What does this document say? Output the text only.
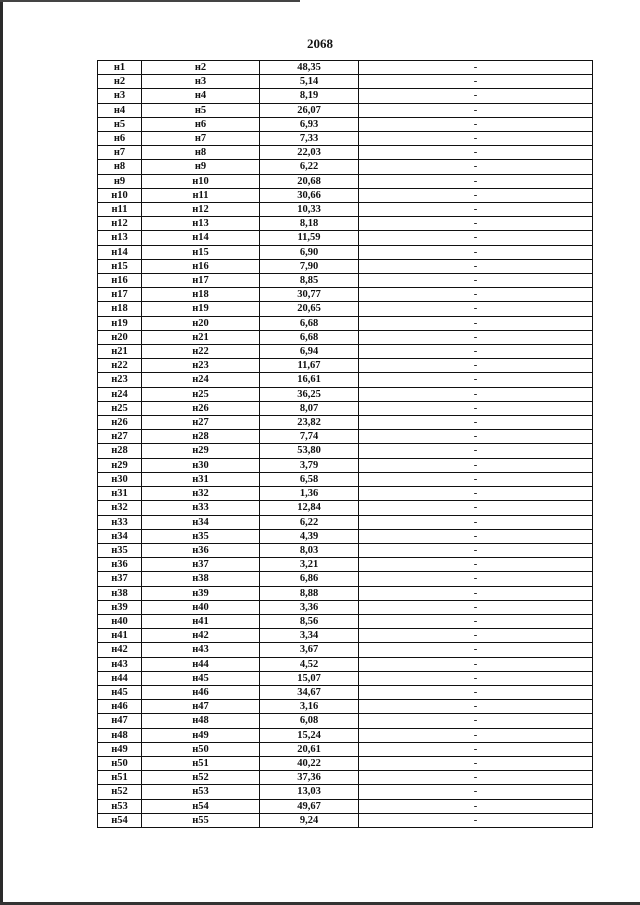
2068
н1	н2	48,35	-
н2	н3	5,14	-
н3	н4	8,19	-
н4	н5	26,07	-
н5	н6	6,93	-
н6	н7	7,33	-
н7	н8	22,03	-
н8	н9	6,22	-
н9	н10	20,68	-
н10	н11	30,66	-
н11	н12	10,33	-
н12	н13	8,18	-
н13	н14	11,59	-
н14	н15	6,90	-
н15	н16	7,90	-
н16	н17	8,85	-
н17	н18	30,77	-
н18	н19	20,65	-
н19	н20	6,68	-
н20	н21	6,68	-
н21	н22	6,94	-
н22	н23	11,67	-
н23	н24	16,61	-
н24	н25	36,25	-
н25	н26	8,07	-
н26	н27	23,82	-
н27	н28	7,74	-
н28	н29	53,80	-
н29	н30	3,79	-
н30	н31	6,58	-
н31	н32	1,36	-
н32	н33	12,84	-
н33	н34	6,22	-
н34	н35	4,39	-
н35	н36	8,03	-
н36	н37	3,21	-
н37	н38	6,86	-
н38	н39	8,88	-
н39	н40	3,36	-
н40	н41	8,56	-
н41	н42	3,34	-
н42	н43	3,67	-
н43	н44	4,52	-
н44	н45	15,07	-
н45	н46	34,67	-
н46	н47	3,16	-
н47	н48	6,08	-
н48	н49	15,24	-
н49	н50	20,61	-
н50	н51	40,22	-
н51	н52	37,36	-
н52	н53	13,03	-
н53	н54	49,67	-
н54	н55	9,24	-
